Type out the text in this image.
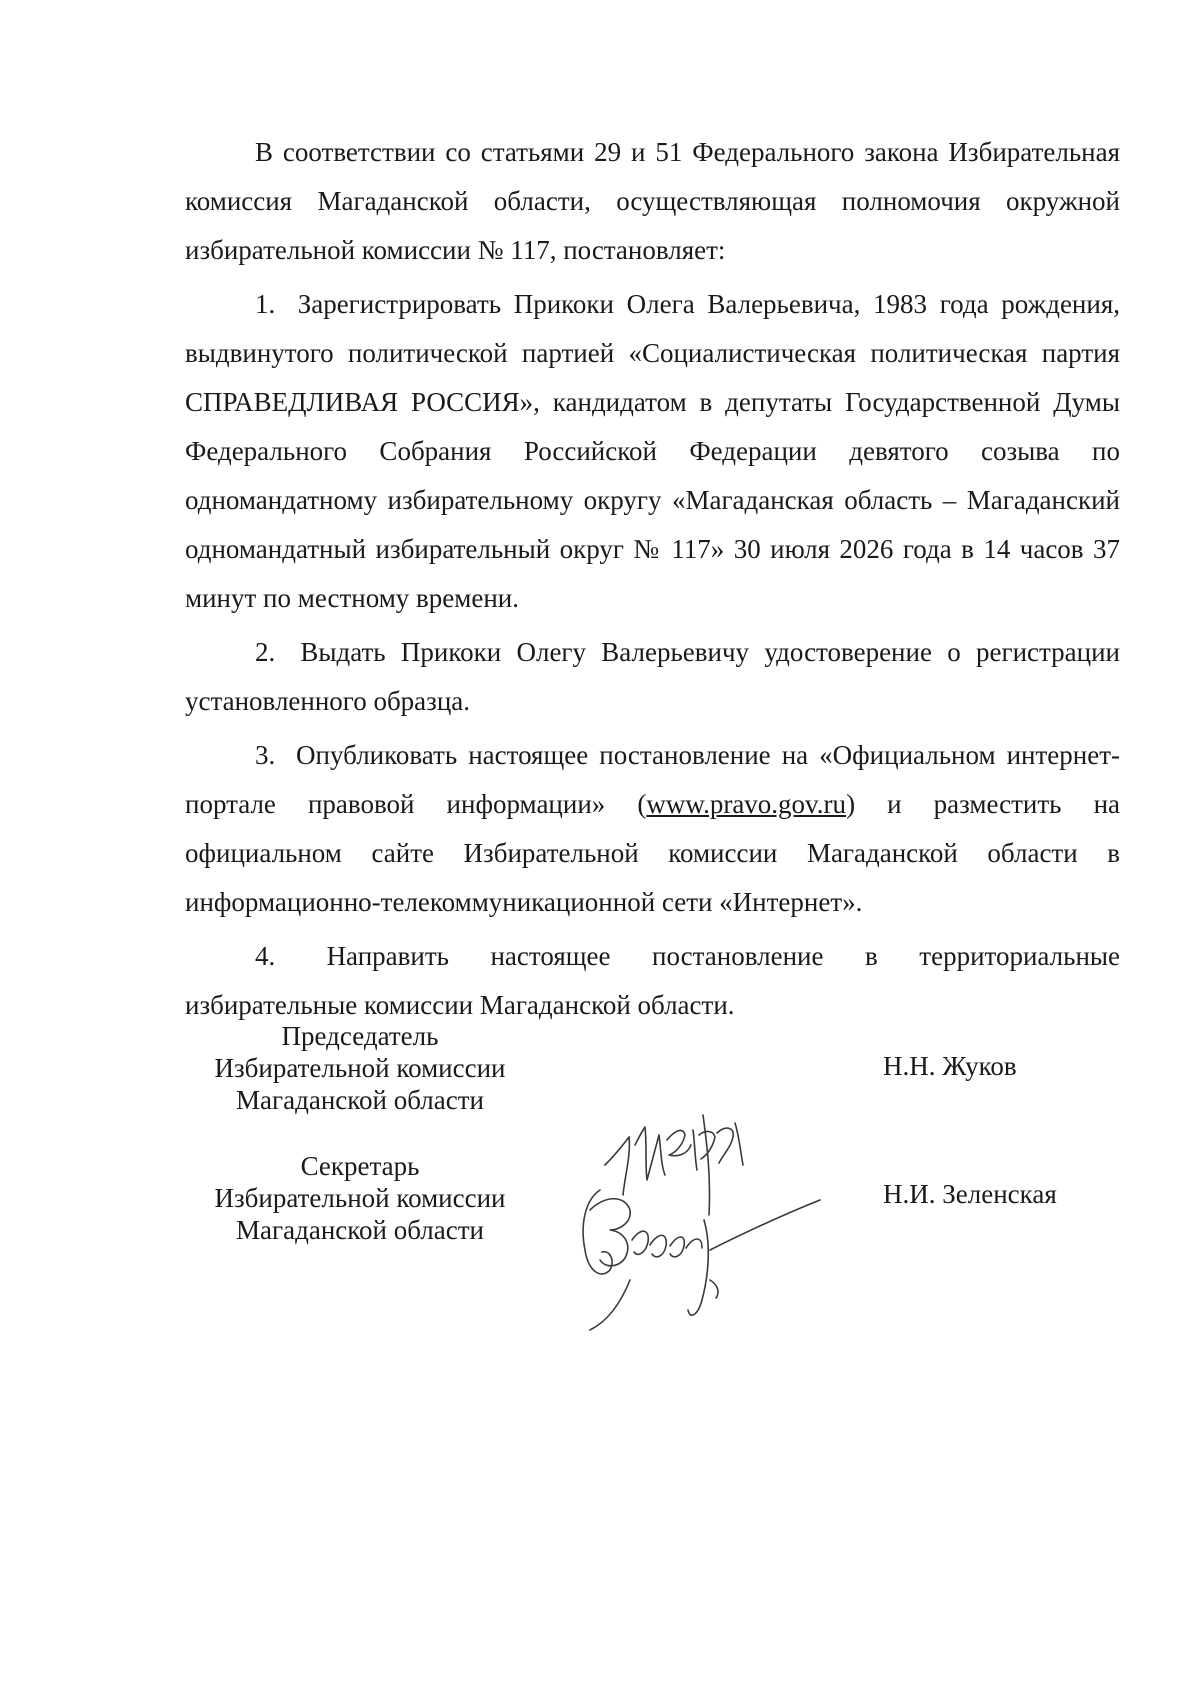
В соответствии со статьями 29 и 51 Федерального закона Избирательная комиссия Магаданской области, осуществляющая полномочия окружной избирательной комиссии № 117, постановляет:

1. Зарегистрировать Прикоки Олега Валерьевича, 1983 года рождения, выдвинутого политической партией «Социалистическая политическая партия СПРАВЕДЛИВАЯ РОССИЯ», кандидатом в депутаты Государственной Думы Федерального Собрания Российской Федерации девятого созыва по одномандатному избирательному округу «Магаданская область – Магаданский одномандатный избирательный округ № 117» 30 июля 2026 года в 14 часов 37 минут по местному времени.

2. Выдать Прикоки Олегу Валерьевичу удостоверение о регистрации установленного образца.

3. Опубликовать настоящее постановление на «Официальном интернет-портале правовой информации» (www.pravo.gov.ru) и разместить на официальном сайте Избирательной комиссии Магаданской области в информационно-телекоммуникационной сети «Интернет».

4. Направить настоящее постановление в территориальные избирательные комиссии Магаданской области.

Председатель
Избирательной комиссии
Магаданской области
Н.Н. Жуков
Секретарь
Избирательной комиссии
Магаданской области
Н.И. Зеленская
